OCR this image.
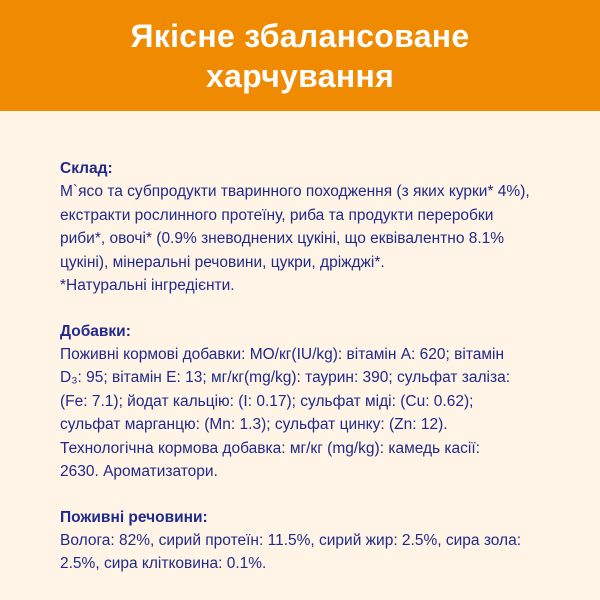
Якісне збалансоване
харчування

Склад:

М`ясо та субпродукти тваринного походження (з яких курки* 4%),

екстракти рослинного протеїну, риба та продукти переробки

риби*, овочі* (0.9% зневоднених цукіні, що еквівалентно 8.1%

цукіні), мінеральні речовини, цукри, дріжджі*.

*Натуральні інгредієнти.

Добавки:

Поживні кормові добавки: МО/кг(IU/kg): вітамін А: 620; вітамін

D₃: 95; вітамін Е: 13; мг/кг(mg/kg): таурин: 390; сульфат заліза:

(Fe: 7.1); йодат кальцію: (I: 0.17); сульфат міді: (Cu: 0.62);

сульфат марганцю: (Mn: 1.3); сульфат цинку: (Zn: 12).

Технологічна кормова добавка: мг/кг (mg/kg): камедь касії:

2630. Ароматизатори.

Поживні речовини:

Волога: 82%, сирий протеїн: 11.5%, сирий жир: 2.5%, сира зола:

2.5%, сира клітковина: 0.1%.
